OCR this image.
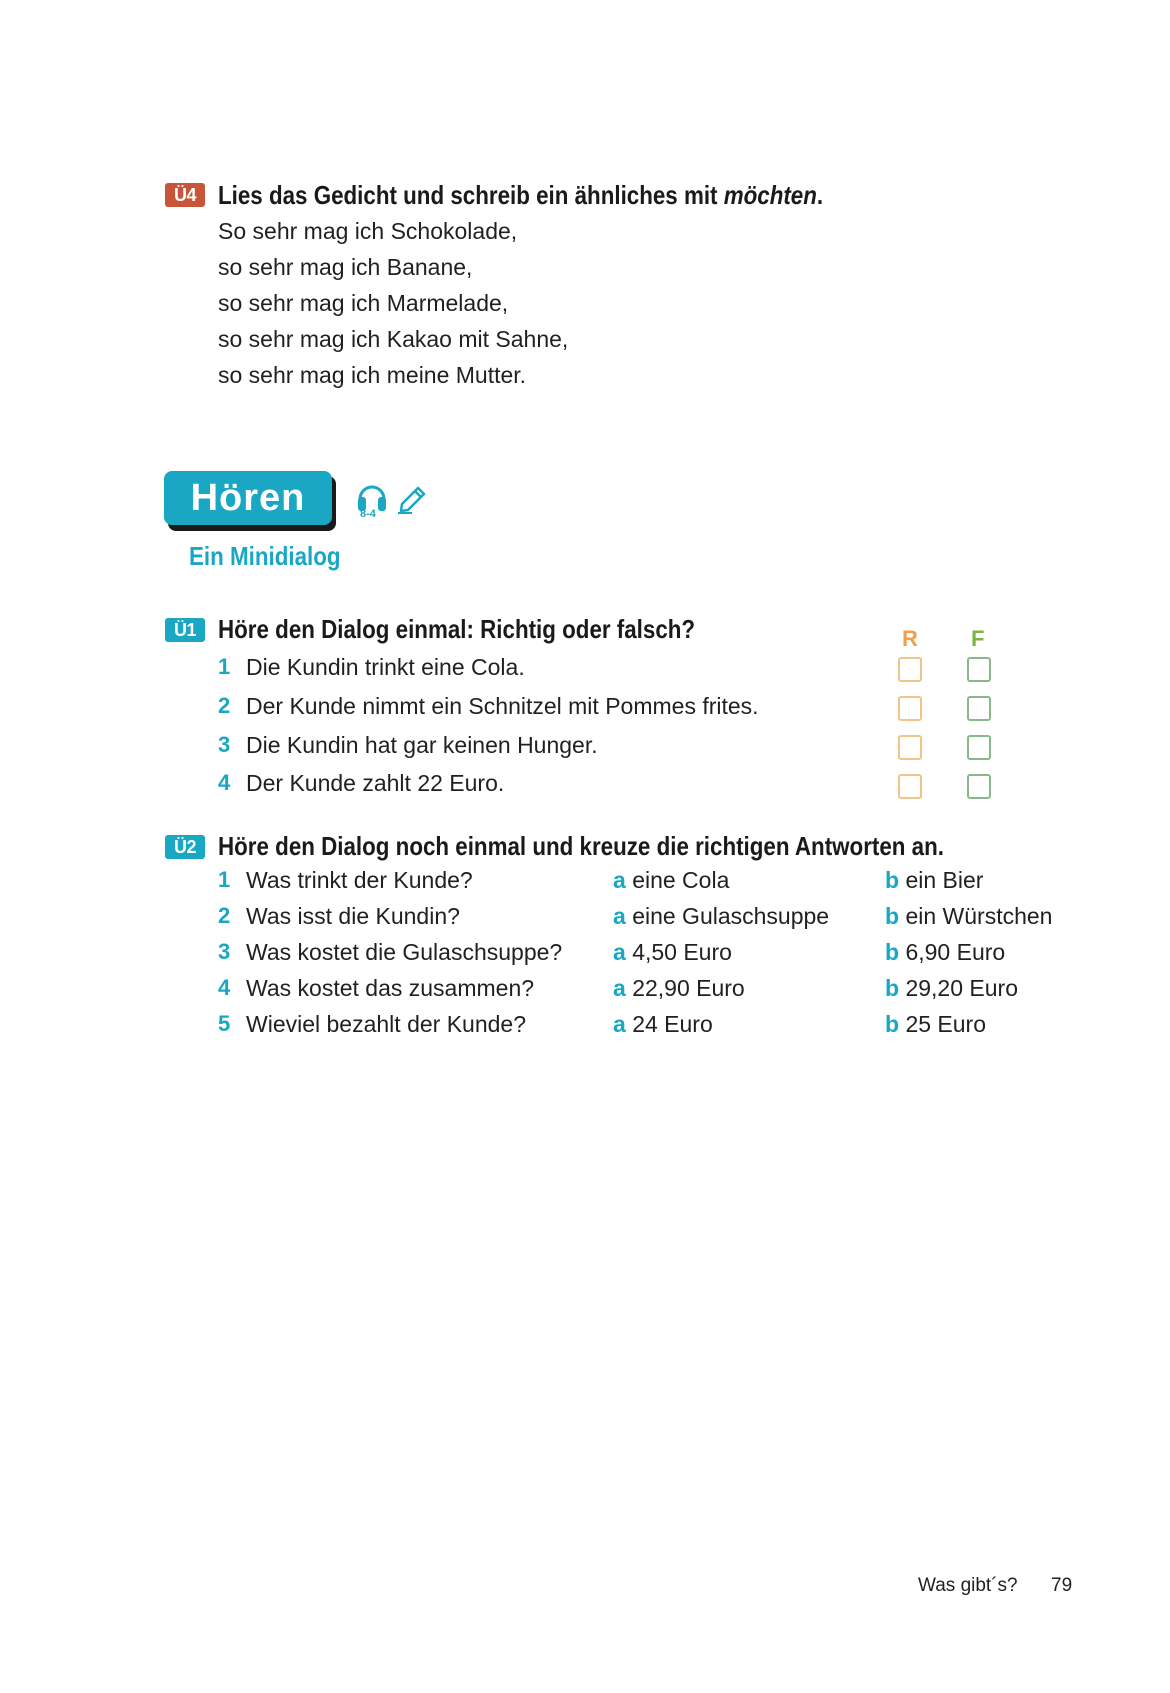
Ü4 Lies das Gedicht und schreib ein ähnliches mit möchten.
So sehr mag ich Schokolade,
so sehr mag ich Banane,
so sehr mag ich Marmelade,
so sehr mag ich Kakao mit Sahne,
so sehr mag ich meine Mutter.
Hören	8-4
Ein Minidialog
Ü1 Höre den Dialog einmal: Richtig oder falsch?	R F
1 Die Kundin trinkt eine Cola.
2 Der Kunde nimmt ein Schnitzel mit Pommes frites.
3 Die Kundin hat gar keinen Hunger.
4 Der Kunde zahlt 22 Euro.
Ü2 Höre den Dialog noch einmal und kreuze die richtigen Antworten an.
1 Was trinkt der Kunde?	a eine Cola	b ein Bier
2 Was isst die Kundin?	a eine Gulaschsuppe b ein Würstchen
3 Was kostet die Gulaschsuppe? a 4,50 Euro	b 6,90 Euro
4 Was kostet das zusammen?	a 22,90 Euro	b 29,20 Euro
5 Wieviel bezahlt der Kunde?	a 24 Euro	b 25 Euro
Was gibt´s? 79
